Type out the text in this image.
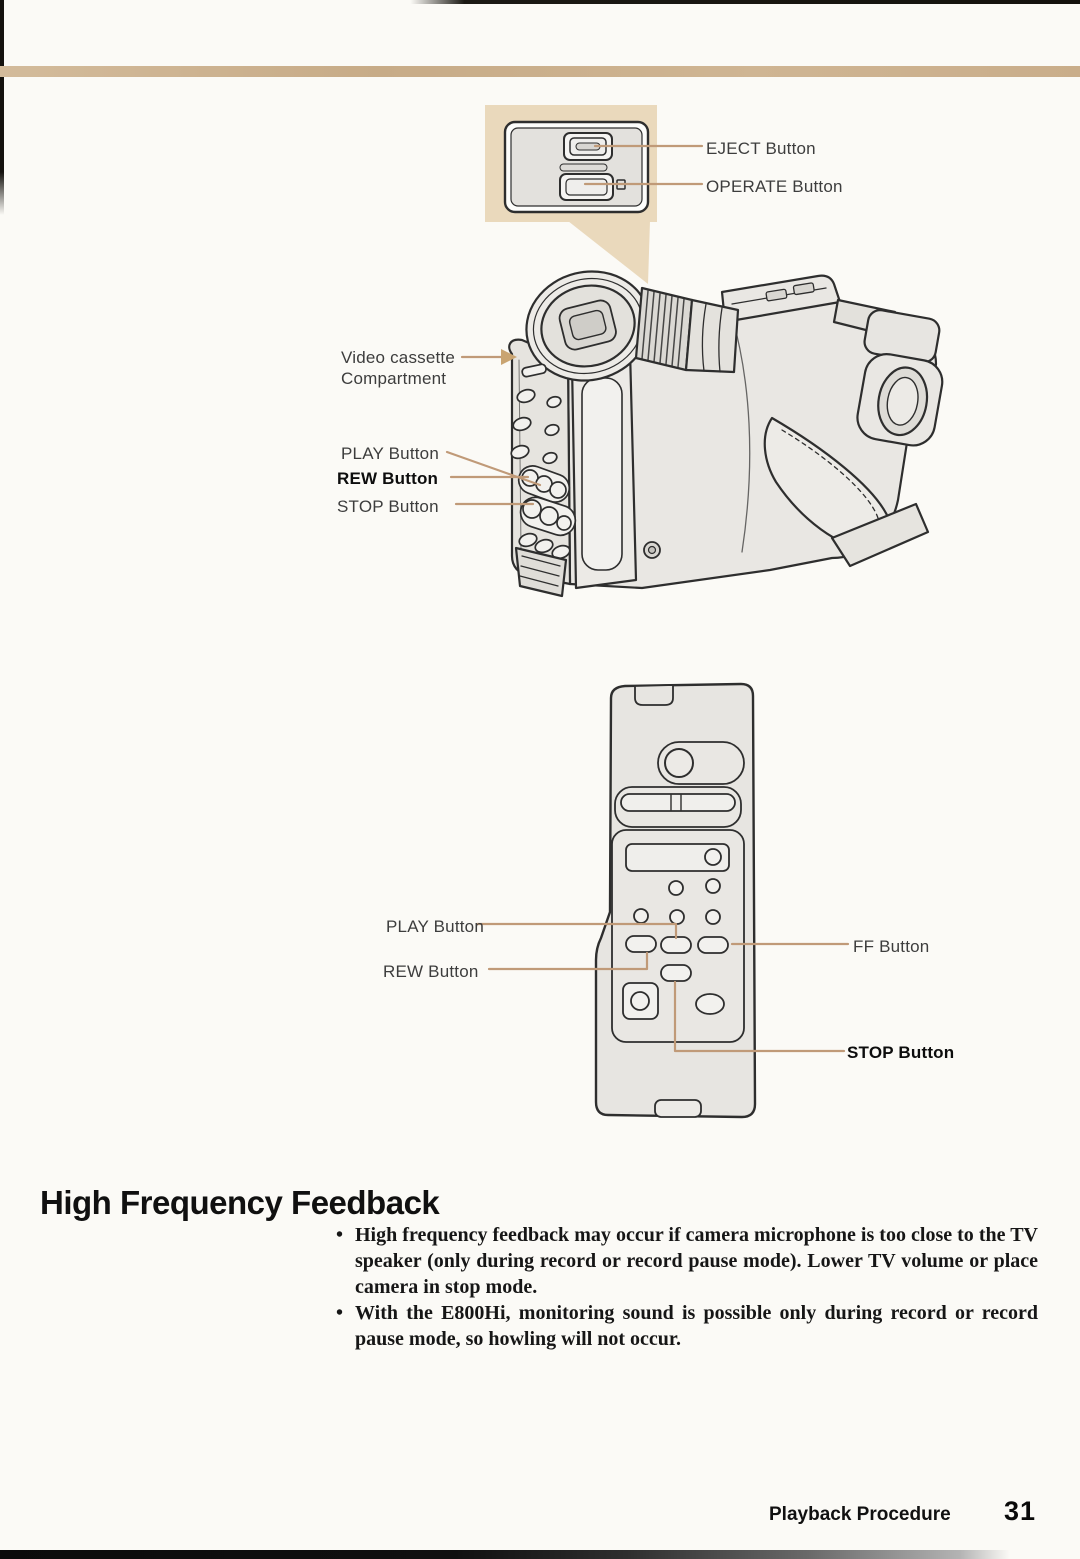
EJECT Button
OPERATE Button
Video cassette
Compartment
PLAY Button
REW Button
STOP Button
PLAY Button
REW Button
FF Button
STOP Button
High Frequency Feedback
• High frequency feedback may occur if camera microphone is too close to the TV speaker (only during record or record pause mode). Lower TV volume or place camera in stop mode.
• With the E800Hi, monitoring sound is possible only during record or record pause mode, so howling will not occur.
Playback Procedure 31
